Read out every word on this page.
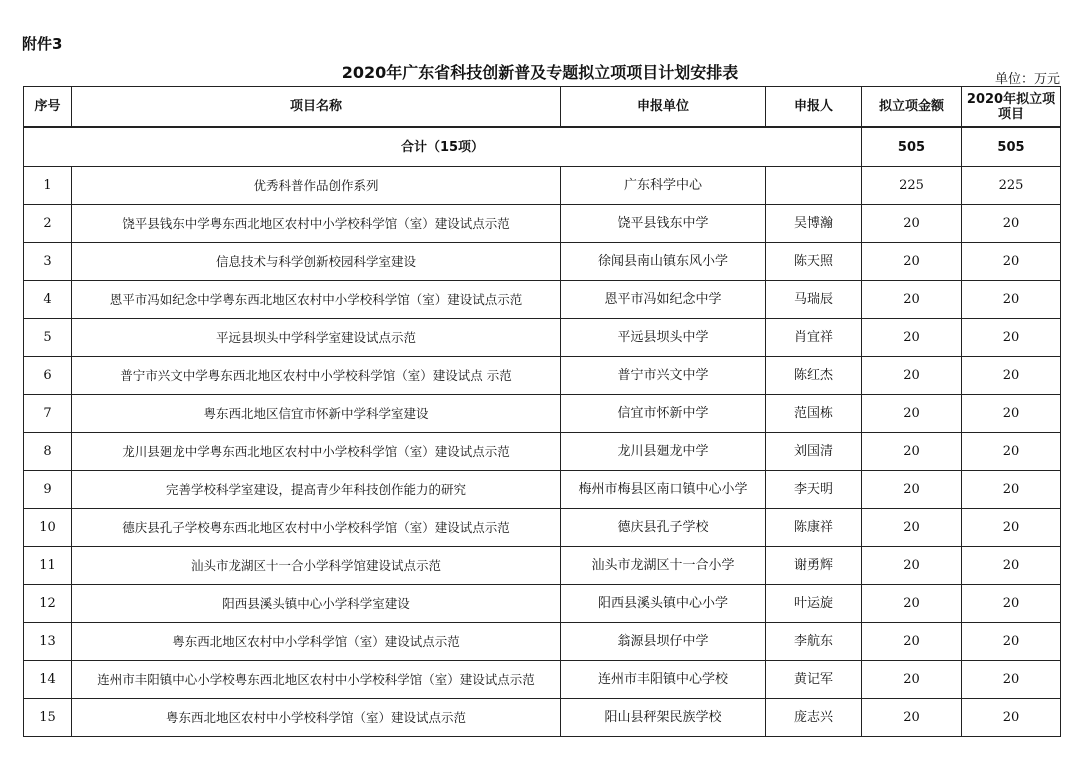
附件3
2020年广东省科技创新普及专题拟立项项目计划安排表	单位：万元
序号	项目名称	申报单位	申报人	拟立项金额	2020年拟立项项目
合计（15项）				505	505
1	优秀科普作品创作系列	广东科学中心		225	225
2	饶平县钱东中学粤东西北地区农村中小学校科学馆（室）建设试点示范	饶平县钱东中学	吴博瀚	20	20
3	信息技术与科学创新校园科学室建设	徐闻县南山镇东风小学	陈天照	20	20
4	恩平市冯如纪念中学粤东西北地区农村中小学校科学馆（室）建设试点示范	恩平市冯如纪念中学	马瑞辰	20	20
5	平远县坝头中学科学室建设试点示范	平远县坝头中学	肖宜祥	20	20
6	普宁市兴文中学粤东西北地区农村中小学校科学馆（室）建设试点 示范	普宁市兴文中学	陈红杰	20	20
7	粤东西北地区信宜市怀新中学科学室建设	信宜市怀新中学	范国栋	20	20
8	龙川县廻龙中学粤东西北地区农村中小学校科学馆（室）建设试点示范	龙川县廻龙中学	刘国清	20	20
9	完善学校科学室建设，提高青少年科技创作能力的研究	梅州市梅县区南口镇中心小学	李天明	20	20
10	德庆县孔子学校粤东西北地区农村中小学校科学馆（室）建设试点示范	德庆县孔子学校	陈康祥	20	20
11	汕头市龙湖区十一合小学科学馆建设试点示范	汕头市龙湖区十一合小学	谢勇辉	20	20
12	阳西县溪头镇中心小学科学室建设	阳西县溪头镇中心小学	叶运旋	20	20
13	粤东西北地区农村中小学科学馆（室）建设试点示范	翁源县坝仔中学	李航东	20	20
14	连州市丰阳镇中心小学校粤东西北地区农村中小学校科学馆（室）建设试点示范	连州市丰阳镇中心学校	黄记军	20	20
15	粤东西北地区农村中小学校科学馆（室）建设试点示范	阳山县秤架民族学校	庞志兴	20	20
